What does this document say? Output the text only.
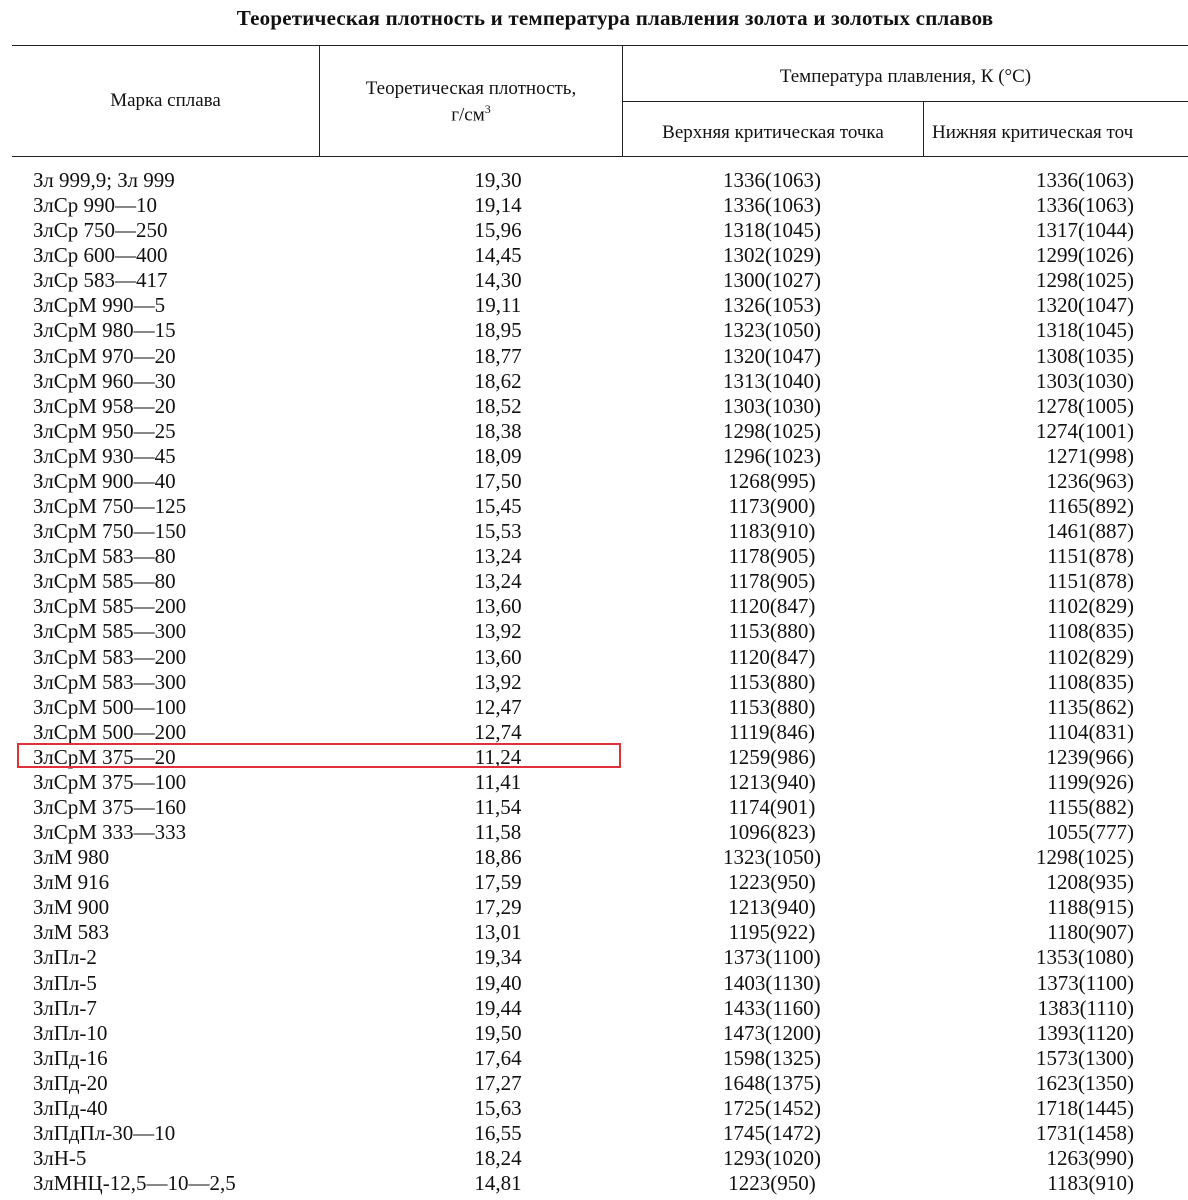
Теоретическая плотность и температура плавления золота и золотых сплавов
Марка сплава
Теоретическая плотность,
$г/см^3$
Температура плавления, К (°С)
Верхняя критическая точка	Нижняя критическая точ
Зл 999,9; Зл 999	19,30	1336(1063)	1336(1063)
ЗлСр 990—10	19,14	1336(1063)	1336(1063)
ЗлСр 750—250	15,96	1318(1045)	1317(1044)
ЗлСр 600—400	14,45	1302(1029)	1299(1026)
ЗлСр 583—417	14,30	1300(1027)	1298(1025)
ЗлСрМ 990—5	19,11	1326(1053)	1320(1047)
ЗлСрМ 980—15	18,95	1323(1050)	1318(1045)
ЗлСрМ 970—20	18,77	1320(1047)	1308(1035)
ЗлСрМ 960—30	18,62	1313(1040)	1303(1030)
ЗлСрМ 958—20	18,52	1303(1030)	1278(1005)
ЗлСрМ 950—25	18,38	1298(1025)	1274(1001)
ЗлСрМ 930—45	18,09	1296(1023)	1271(998)
ЗлСрМ 900—40	17,50	1268(995)	1236(963)
ЗлСрМ 750—125	15,45	1173(900)	1165(892)
ЗлСрМ 750—150	15,53	1183(910)	1461(887)
ЗлСрМ 583—80	13,24	1178(905)	1151(878)
ЗлСрМ 585—80	13,24	1178(905)	1151(878)
ЗлСрМ 585—200	13,60	1120(847)	1102(829)
ЗлСрМ 585—300	13,92	1153(880)	1108(835)
ЗлСрМ 583—200	13,60	1120(847)	1102(829)
ЗлСрМ 583—300	13,92	1153(880)	1108(835)
ЗлСрМ 500—100	12,47	1153(880)	1135(862)
ЗлСрМ 500—200	12,74	1119(846)	1104(831)
ЗлСрМ 375—20	11,24	1259(986)	1239(966)
ЗлСрМ 375—100	11,41	1213(940)	1199(926)
ЗлСрМ 375—160	11,54	1174(901)	1155(882)
ЗлСрМ 333—333	11,58	1096(823)	1055(777)
ЗлМ 980	18,86	1323(1050)	1298(1025)
ЗлМ 916	17,59	1223(950)	1208(935)
ЗлМ 900	17,29	1213(940)	1188(915)
ЗлМ 583	13,01	1195(922)	1180(907)
ЗлПл-2	19,34	1373(1100)	1353(1080)
ЗлПл-5	19,40	1403(1130)	1373(1100)
ЗлПл-7	19,44	1433(1160)	1383(1110)
ЗлПл-10	19,50	1473(1200)	1393(1120)
ЗлПд-16	17,64	1598(1325)	1573(1300)
ЗлПд-20	17,27	1648(1375)	1623(1350)
ЗлПд-40	15,63	1725(1452)	1718(1445)
ЗлПдПл-30—10	16,55	1745(1472)	1731(1458)
ЗлН-5	18,24	1293(1020)	1263(990)
ЗлМНЦ-12,5—10—2,5	14,81	1223(950)	1183(910)
